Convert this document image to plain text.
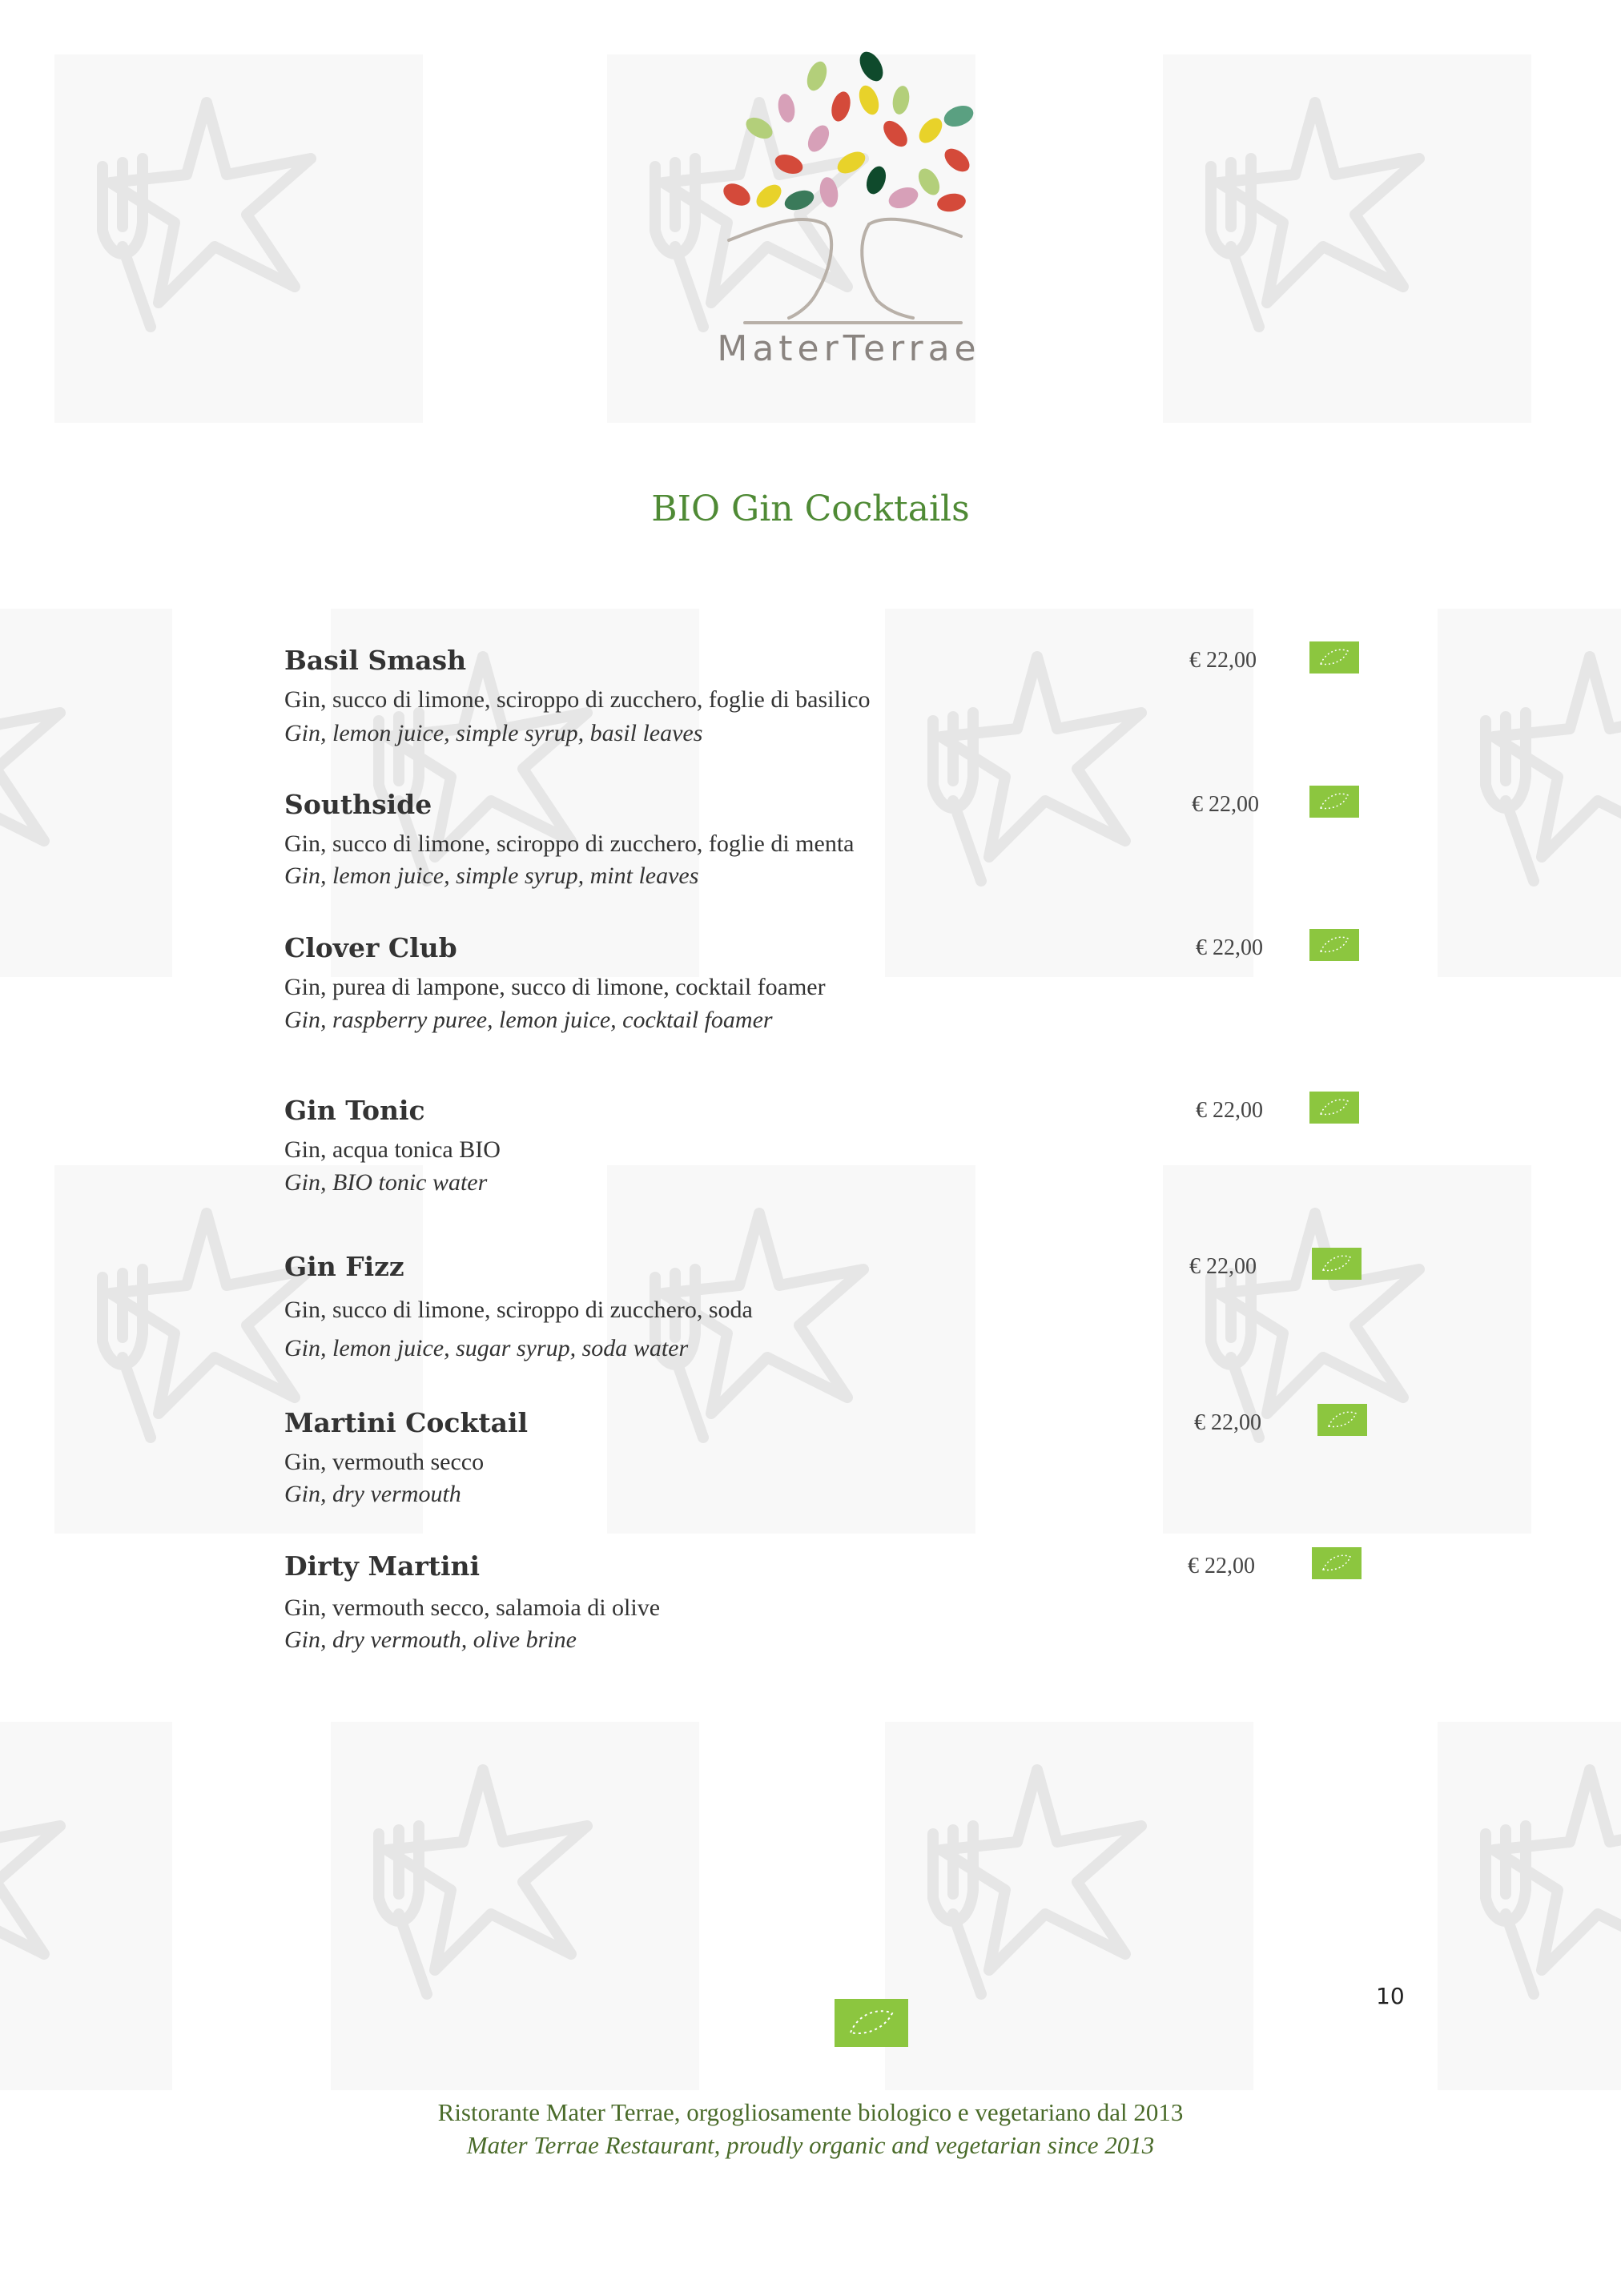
MaterTerrae
BIO Gin Cocktails
Basil Smash
Gin, succo di limone, sciroppo di zucchero, foglie di basilico
Gin, lemon juice, simple syrup, basil leaves
€ 22,00
Southside
Gin, succo di limone, sciroppo di zucchero, foglie di menta
Gin, lemon juice, simple syrup, mint leaves
€ 22,00
Clover Club
Gin, purea di lampone, succo di limone, cocktail foamer
Gin, raspberry puree, lemon juice, cocktail foamer
€ 22,00
Gin Tonic
Gin, acqua tonica BIO
Gin, BIO tonic water
€ 22,00
Gin Fizz
Gin, succo di limone, sciroppo di zucchero, soda
Gin, lemon juice, sugar syrup, soda water
€ 22,00
Martini Cocktail
Gin, vermouth secco
Gin, dry vermouth
€ 22,00
Dirty Martini
Gin, vermouth secco, salamoia di olive
Gin, dry vermouth, olive brine
€ 22,00
10
Ristorante Mater Terrae, orgogliosamente biologico e vegetariano dal 2013
Mater Terrae Restaurant, proudly organic and vegetarian since 2013
